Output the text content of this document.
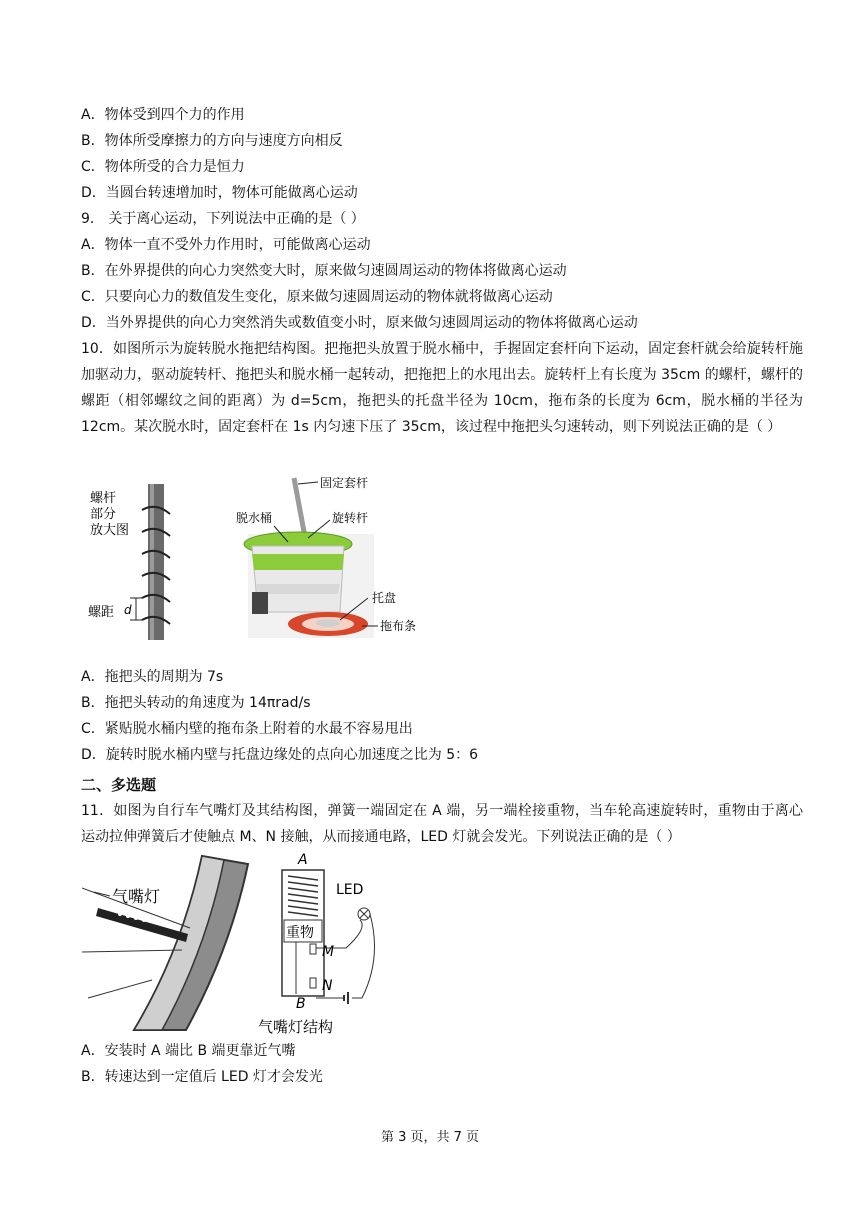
A．物体受到四个力的作用
B．物体所受摩擦力的方向与速度方向相反
C．物体所受的合力是恒力
D．当圆台转速增加时，物体可能做离心运动
9． 关于离心运动，下列说法中正确的是（ ）
A．物体一直不受外力作用时，可能做离心运动
B．在外界提供的向心力突然变大时，原来做匀速圆周运动的物体将做离心运动
C．只要向心力的数值发生变化，原来做匀速圆周运动的物体就将做离心运动
D．当外界提供的向心力突然消失或数值变小时，原来做匀速圆周运动的物体将做离心运动
10．如图所示为旋转脱水拖把结构图。把拖把头放置于脱水桶中，手握固定套杆向下运动，固定套杆就会给旋转杆施加驱动力，驱动旋转杆、拖把头和脱水桶一起转动，把拖把上的水甩出去。旋转杆上有长度为 35cm 的螺杆，螺杆的螺距（相邻螺纹之间的距离）为 d=5cm，拖把头的托盘半径为 10cm，拖布条的长度为 6cm，脱水桶的半径为 12cm。某次脱水时，固定套杆在 1s 内匀速下压了 35cm，该过程中拖把头匀速转动，则下列说法正确的是（ ）
螺杆
部分
放大图
d
螺距
固定套杆
脱水桶	旋转杆
托盘
拖布条
A．拖把头的周期为 7s
B．拖把头转动的角速度为 14πrad/s
C．紧贴脱水桶内壁的拖布条上附着的水最不容易甩出
D．旋转时脱水桶内壁与托盘边缘处的点向心加速度之比为 5：6
二、多选题
11．如图为自行车气嘴灯及其结构图，弹簧一端固定在 A 端，另一端栓接重物，当车轮高速旋转时，重物由于离心运动拉伸弹簧后才使触点 M、N 接触，从而接通电路，LED 灯就会发光。下列说法正确的是（ ）
气嘴灯
A
重物
M
N
B
LED
气嘴灯结构
A．安装时 A 端比 B 端更靠近气嘴
B．转速达到一定值后 LED 灯才会发光
第 3 页，共 7 页
